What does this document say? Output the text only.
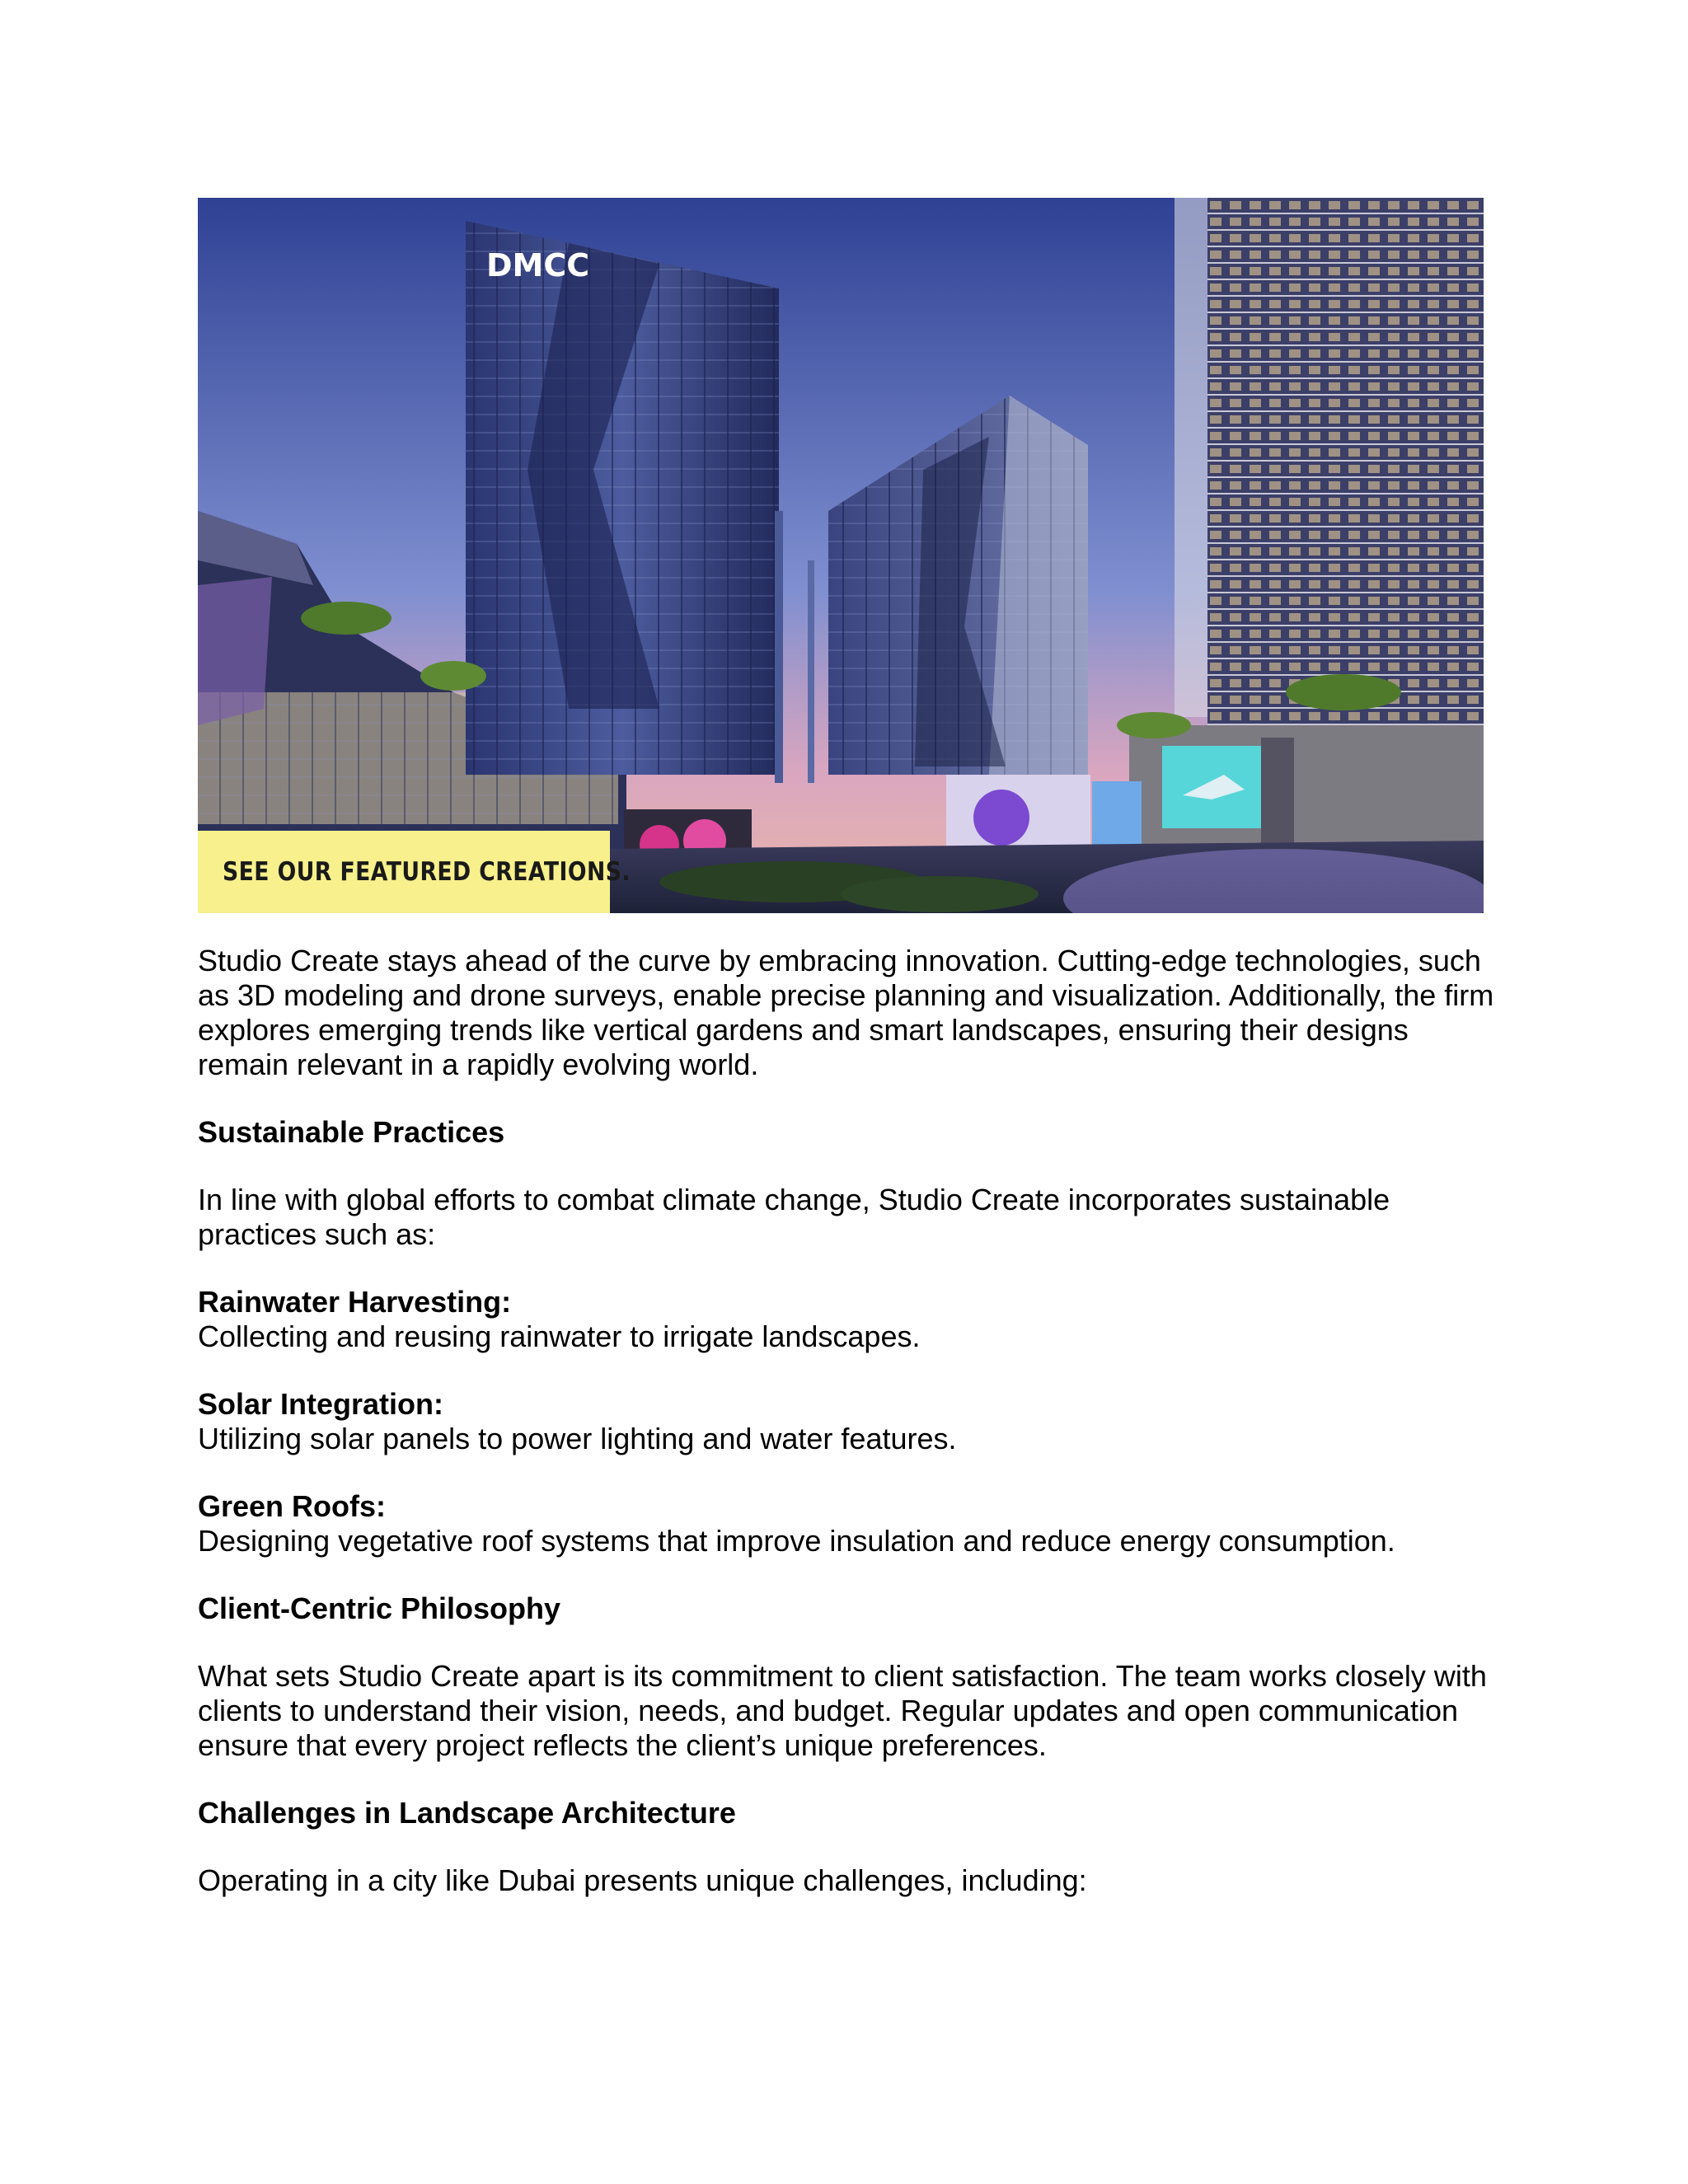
DMCC
SEE OUR FEATURED CREATIONS.

Studio Create stays ahead of the curve by embracing innovation. Cutting-edge technologies, such as 3D modeling and drone surveys, enable precise planning and visualization. Additionally, the firm explores emerging trends like vertical gardens and smart landscapes, ensuring their designs remain relevant in a rapidly evolving world.

Sustainable Practices

In line with global efforts to combat climate change, Studio Create incorporates sustainable practices such as:

Rainwater Harvesting:

Collecting and reusing rainwater to irrigate landscapes.

Solar Integration:

Utilizing solar panels to power lighting and water features.

Green Roofs:

Designing vegetative roof systems that improve insulation and reduce energy consumption.

Client-Centric Philosophy

What sets Studio Create apart is its commitment to client satisfaction. The team works closely with clients to understand their vision, needs, and budget. Regular updates and open communication ensure that every project reflects the client’s unique preferences.

Challenges in Landscape Architecture

Operating in a city like Dubai presents unique challenges, including:
